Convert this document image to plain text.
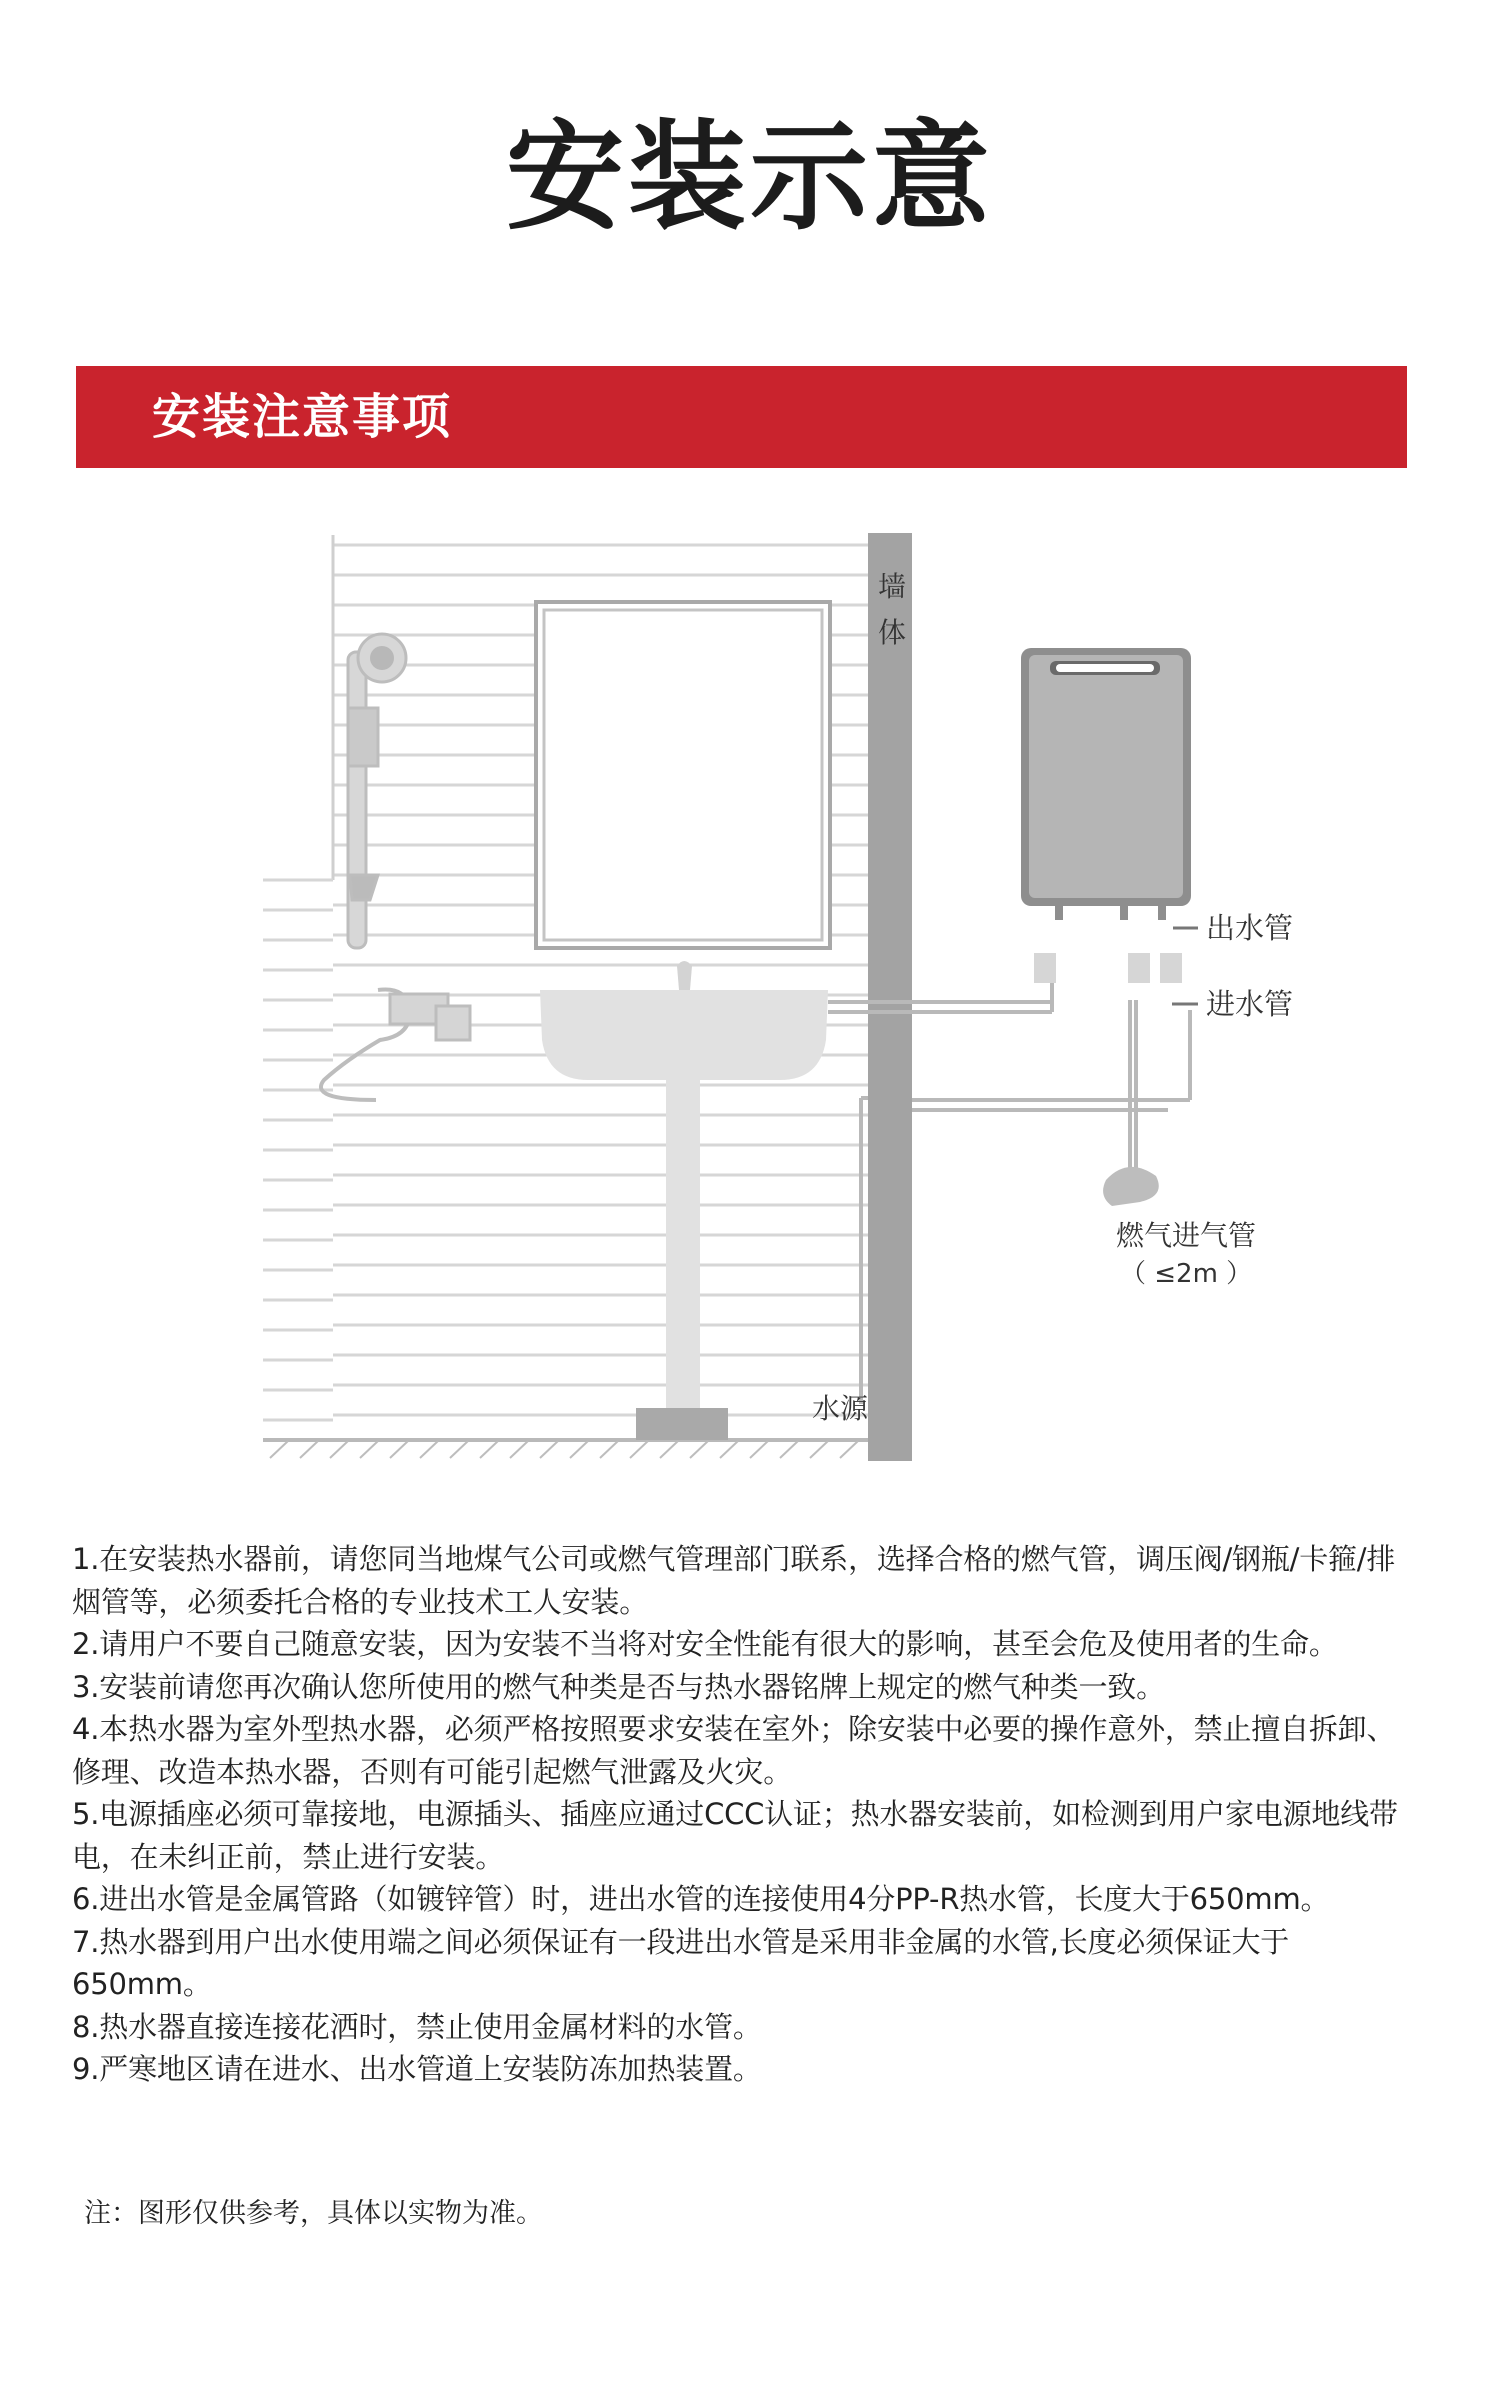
安装示意
安装注意事项
墙
体
出水管
进水管
燃气进气管
（ ≤2m ）
水源
1.在安装热水器前，请您同当地煤气公司或燃气管理部门联系，选择合格的燃气管，调压阀/钢瓶/卡箍/排烟管等，必须委托合格的专业技术工人安装。
2.请用户不要自己随意安装，因为安装不当将对安全性能有很大的影响，甚至会危及使用者的生命。
3.安装前请您再次确认您所使用的燃气种类是否与热水器铭牌上规定的燃气种类一致。
4.本热水器为室外型热水器，必须严格按照要求安装在室外；除安装中必要的操作意外，禁止擅自拆卸、修理、改造本热水器，否则有可能引起燃气泄露及火灾。
5.电源插座必须可靠接地，电源插头、插座应通过CCC认证；热水器安装前，如检测到用户家电源地线带电，在未纠正前，禁止进行安装。
6.进出水管是金属管路（如镀锌管）时，进出水管的连接使用4分PP-R热水管，长度大于650mm。
7.热水器到用户出水使用端之间必须保证有一段进出水管是采用非金属的水管,长度必须保证大于650mm。
8.热水器直接连接花洒时，禁止使用金属材料的水管。
9.严寒地区请在进水、出水管道上安装防冻加热装置。
注：图形仅供参考，具体以实物为准。
